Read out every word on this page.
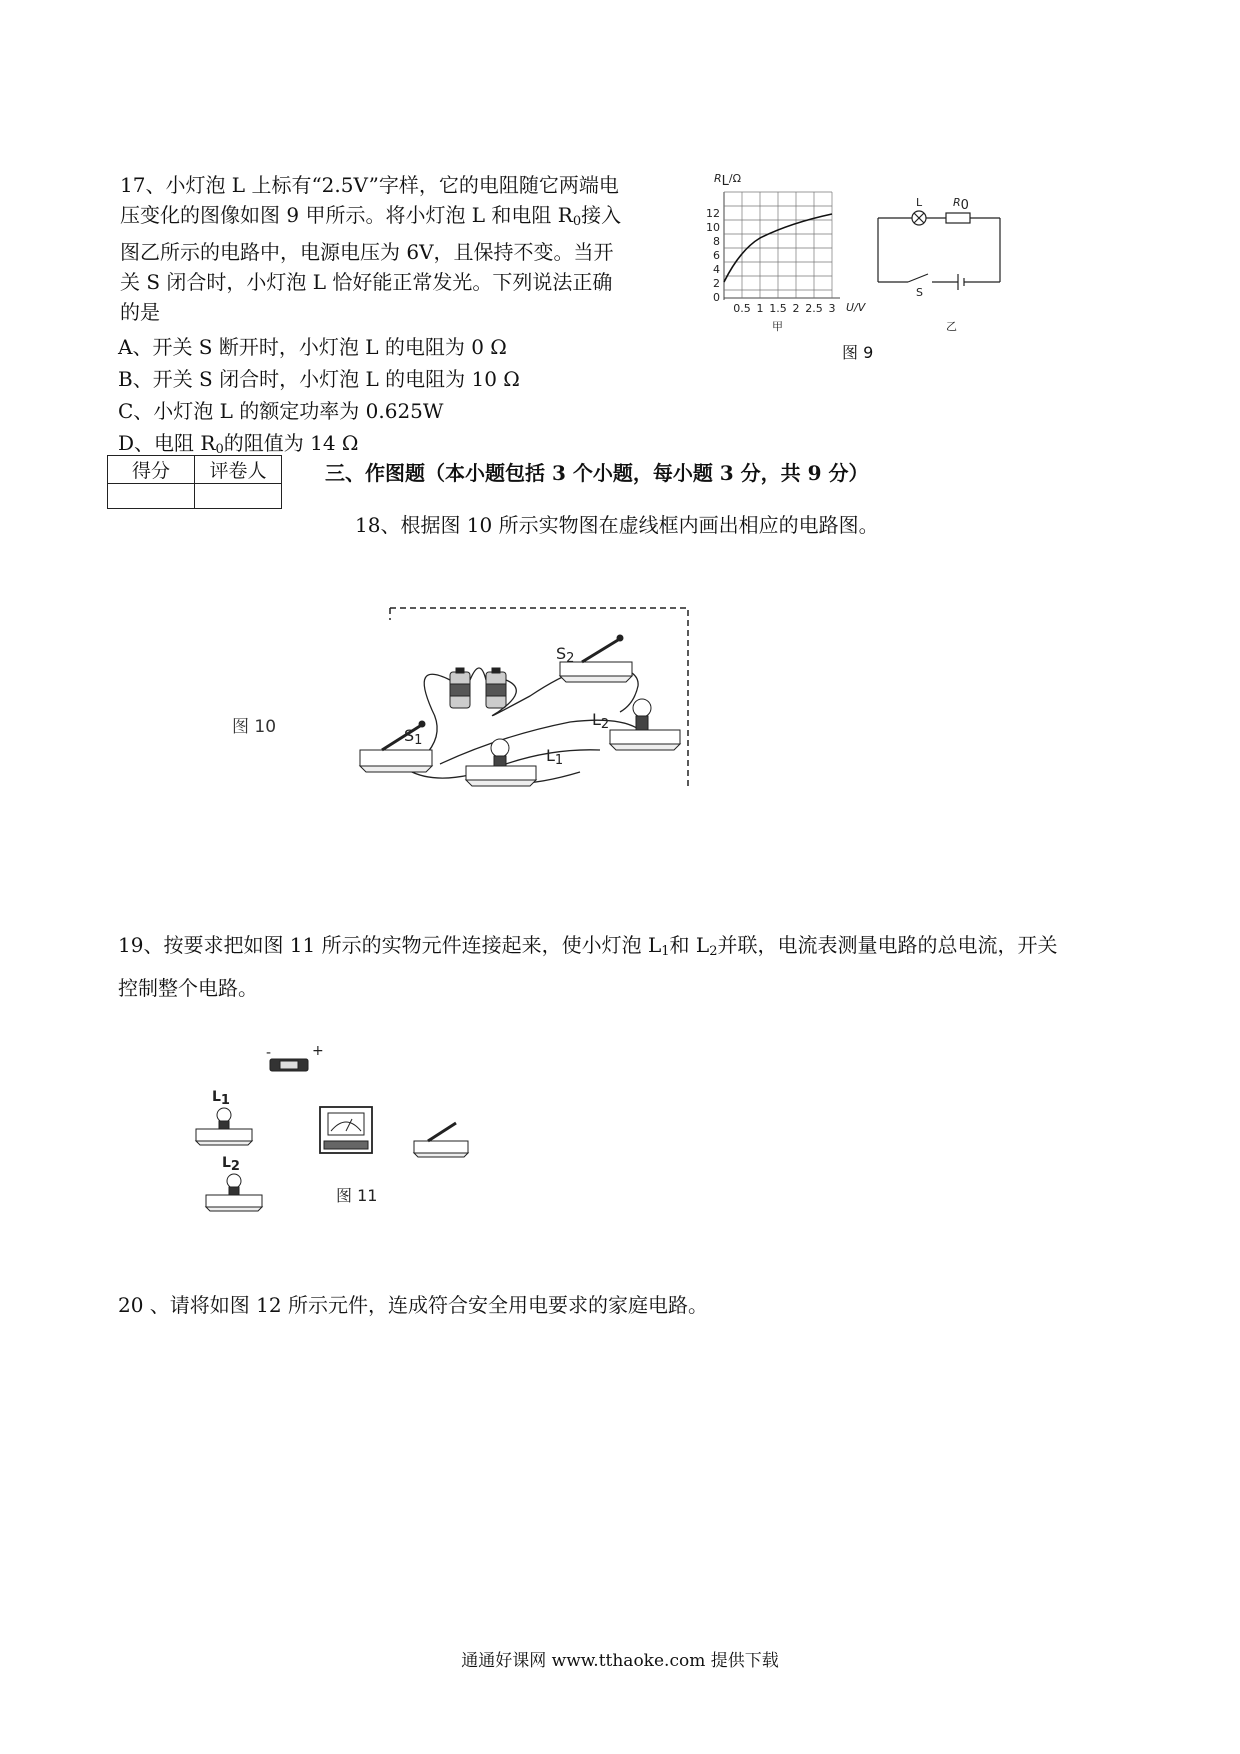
17、小灯泡 L 上标有“2.5V”字样，它的电阻随它两端电
压变化的图像如图 9 甲所示。将小灯泡 L 和电阻 $R_0$接入
图乙所示的电路中，电源电压为 6V，且保持不变。当开
关 S 闭合时，小灯泡 L 恰好能正常发光。下列说法正确
的是
A、开关 S 断开时，小灯泡 L 的电阻为 0 Ω
B、开关 S 闭合时，小灯泡 L 的电阻为 10 Ω
C、小灯泡 L 的额定功率为 0.625W
D、电阻 $R_0$的阻值为 14 Ω
$R_L/\Omega$
12
10
8
6
4
2
0
0.5 1 1.5 2 2.5 3 U/V
甲	乙
L	$R_0$
S
图 9
得分	评卷人
		三、作图题（本小题包括 3 个小题，每小题 3 分，共 9 分）
18、根据图 10 所示实物图在虚线框内画出相应的电路图。
图 10
$S_2$
$L_2$
$S_1$
$L_1$
19、按要求把如图 11 所示的实物元件连接起来，使小灯泡 $L_1$和 $L_2$并联，电流表测量电路的总电流，开关
控制整个电路。
-	+
$L_1$
$L_2$
图 11
20 、请将如图 12 所示元件，连成符合安全用电要求的家庭电路。
通通好课网 www.tthaoke.com 提供下载
